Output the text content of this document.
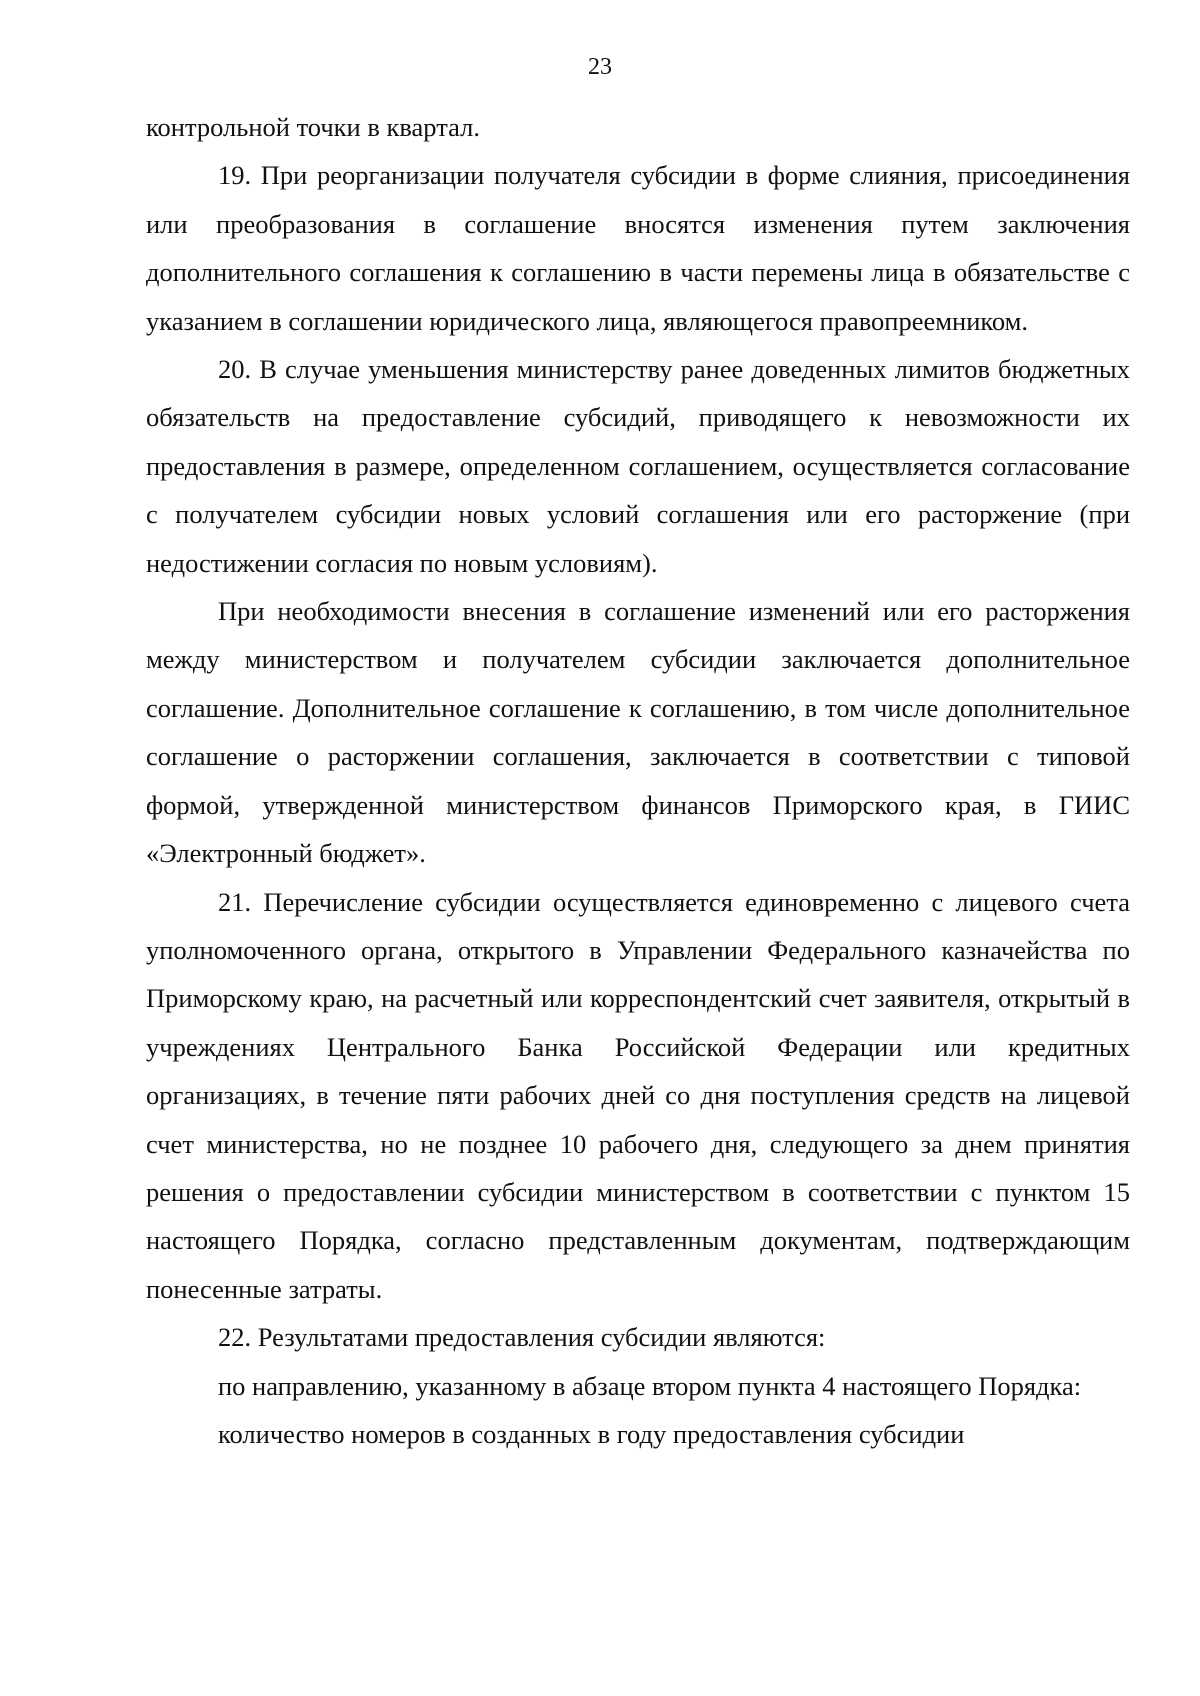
23

контрольной точки в квартал.

19. При реорганизации получателя субсидии в форме слияния, присоединения или преобразования в соглашение вносятся изменения путем заключения дополнительного соглашения к соглашению в части перемены лица в обязательстве с указанием в соглашении юридического лица, являющегося правопреемником.

20. В случае уменьшения министерству ранее доведенных лимитов бюджетных обязательств на предоставление субсидий, приводящего к невозможности их предоставления в размере, определенном соглашением, осуществляется согласование с получателем субсидии новых условий соглашения или его расторжение (при недостижении согласия по новым условиям).

При необходимости внесения в соглашение изменений или его расторжения между министерством и получателем субсидии заключается дополнительное соглашение. Дополнительное соглашение к соглашению, в том числе дополнительное соглашение о расторжении соглашения, заключается в соответствии с типовой формой, утвержденной министерством финансов Приморского края, в ГИИС «Электронный бюджет».

21. Перечисление субсидии осуществляется единовременно с лицевого счета уполномоченного органа, открытого в Управлении Федерального казначейства по Приморскому краю, на расчетный или корреспондентский счет заявителя, открытый в учреждениях Центрального Банка Российской Федерации или кредитных организациях, в течение пяти рабочих дней со дня поступления средств на лицевой счет министерства, но не позднее 10 рабочего дня, следующего за днем принятия решения о предоставлении субсидии министерством в соответствии с пунктом 15 настоящего Порядка, согласно представленным документам, подтверждающим понесенные затраты.

22. Результатами предоставления субсидии являются:

по направлению, указанному в абзаце втором пункта 4 настоящего Порядка:

количество номеров в созданных в году предоставления субсидии
